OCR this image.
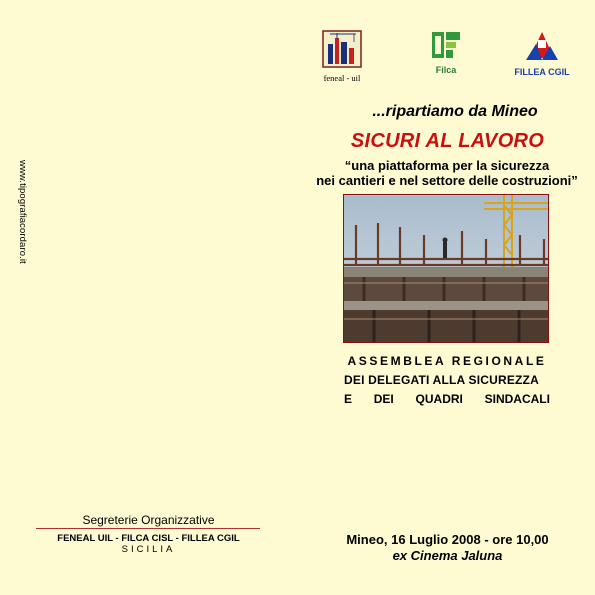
www.tipografiacordaro.it
feneal - uil
Filca	FILLEA CGIL
...ripartiamo da Mineo
SICURI AL LAVORO
“una piattaforma per la sicurezza
nei cantieri e nel settore delle costruzioni”
ASSEMBLEA REGIONALE
DEI DELEGATI ALLA SICUREZZA
E DEI QUADRI SINDACALI
Mineo, 16 Luglio 2008 - ore 10,00
ex Cinema Jaluna
Segreterie Organizzative
FENEAL UIL - FILCA CISL - FILLEA CGIL
SICILIA
